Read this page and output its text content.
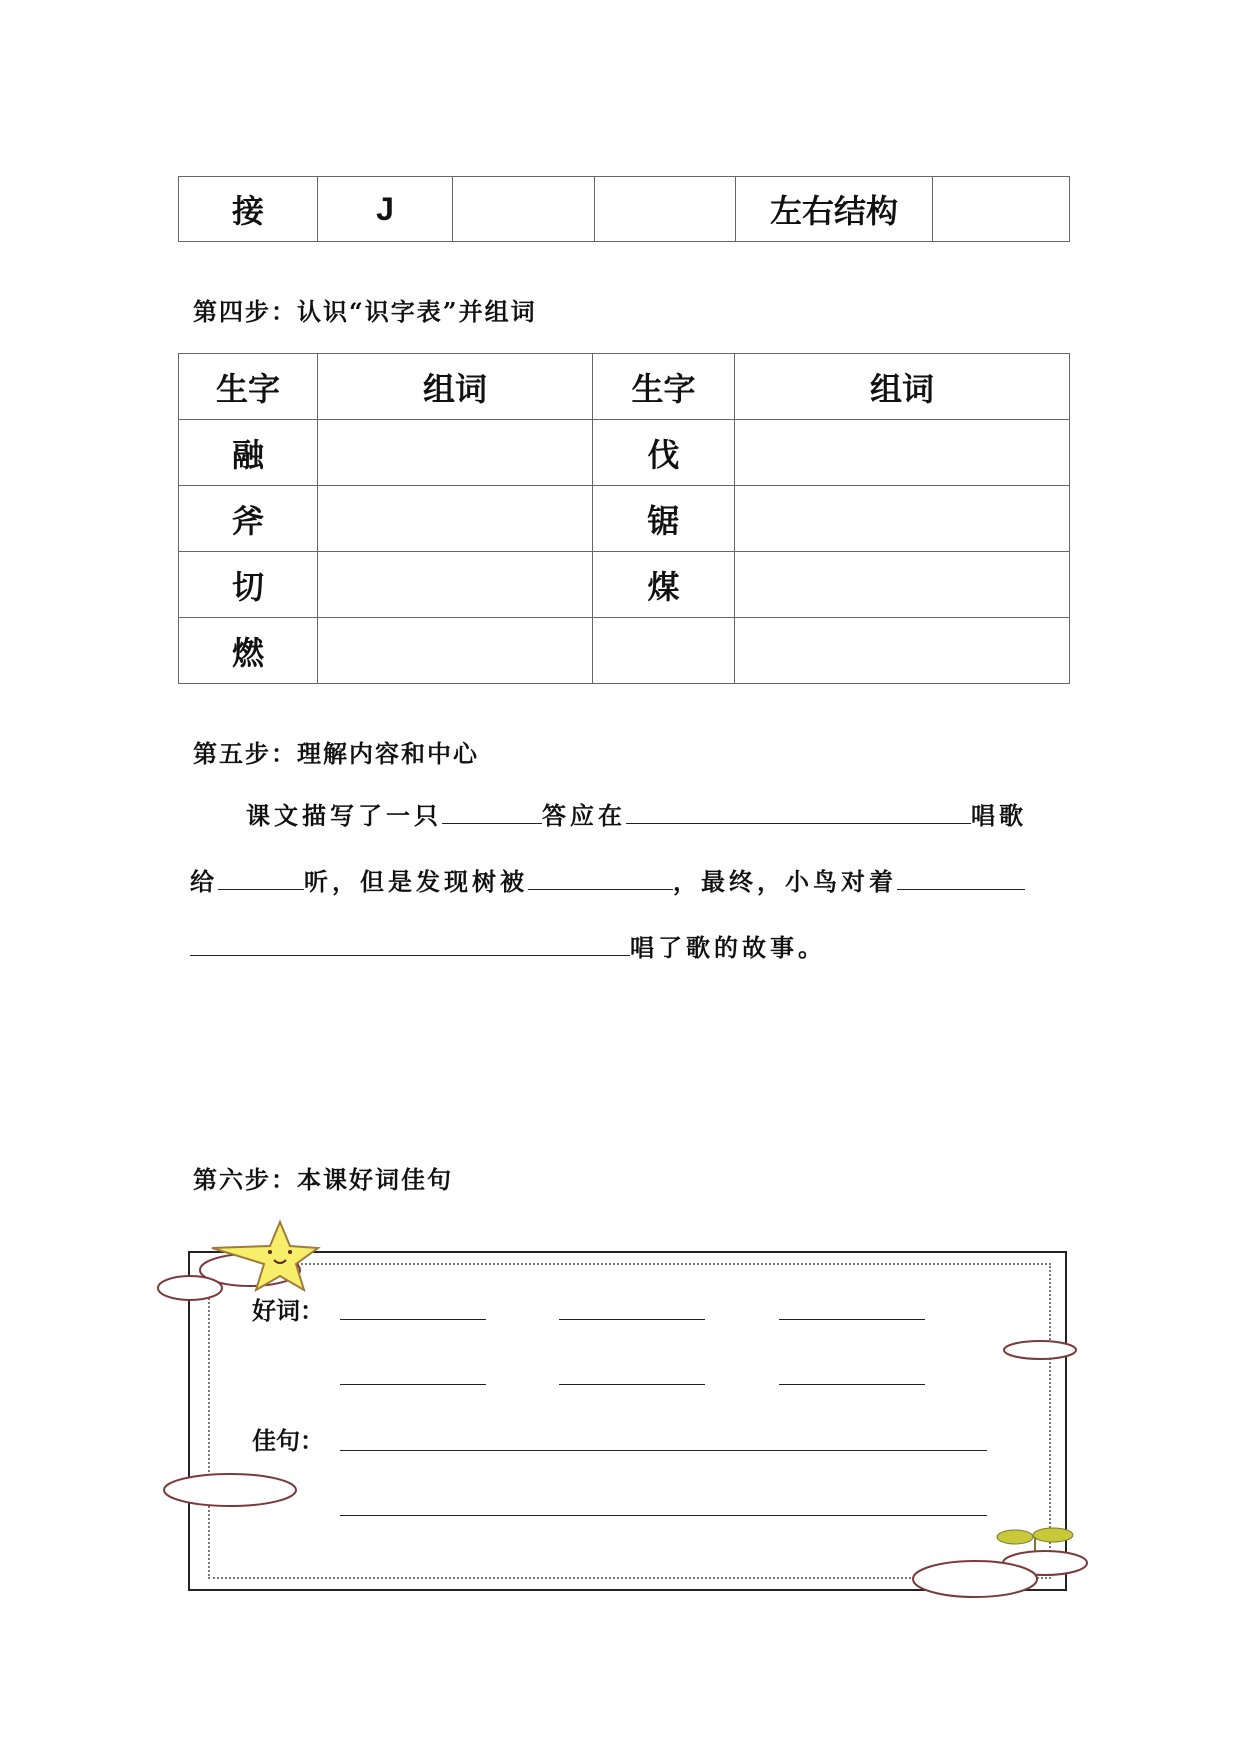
接	J			左右结构	
第四步：认识“识字表”并组词
生字	组词	生字	组词
融		伐	
斧		锯	
切		煤	
燃			
第五步：理解内容和中心
课文描写了一只	答应在	唱歌
给	听，但是发现树被	，最终，小鸟对着
唱了歌的故事。
第六步：本课好词佳句
好词：
佳句：
